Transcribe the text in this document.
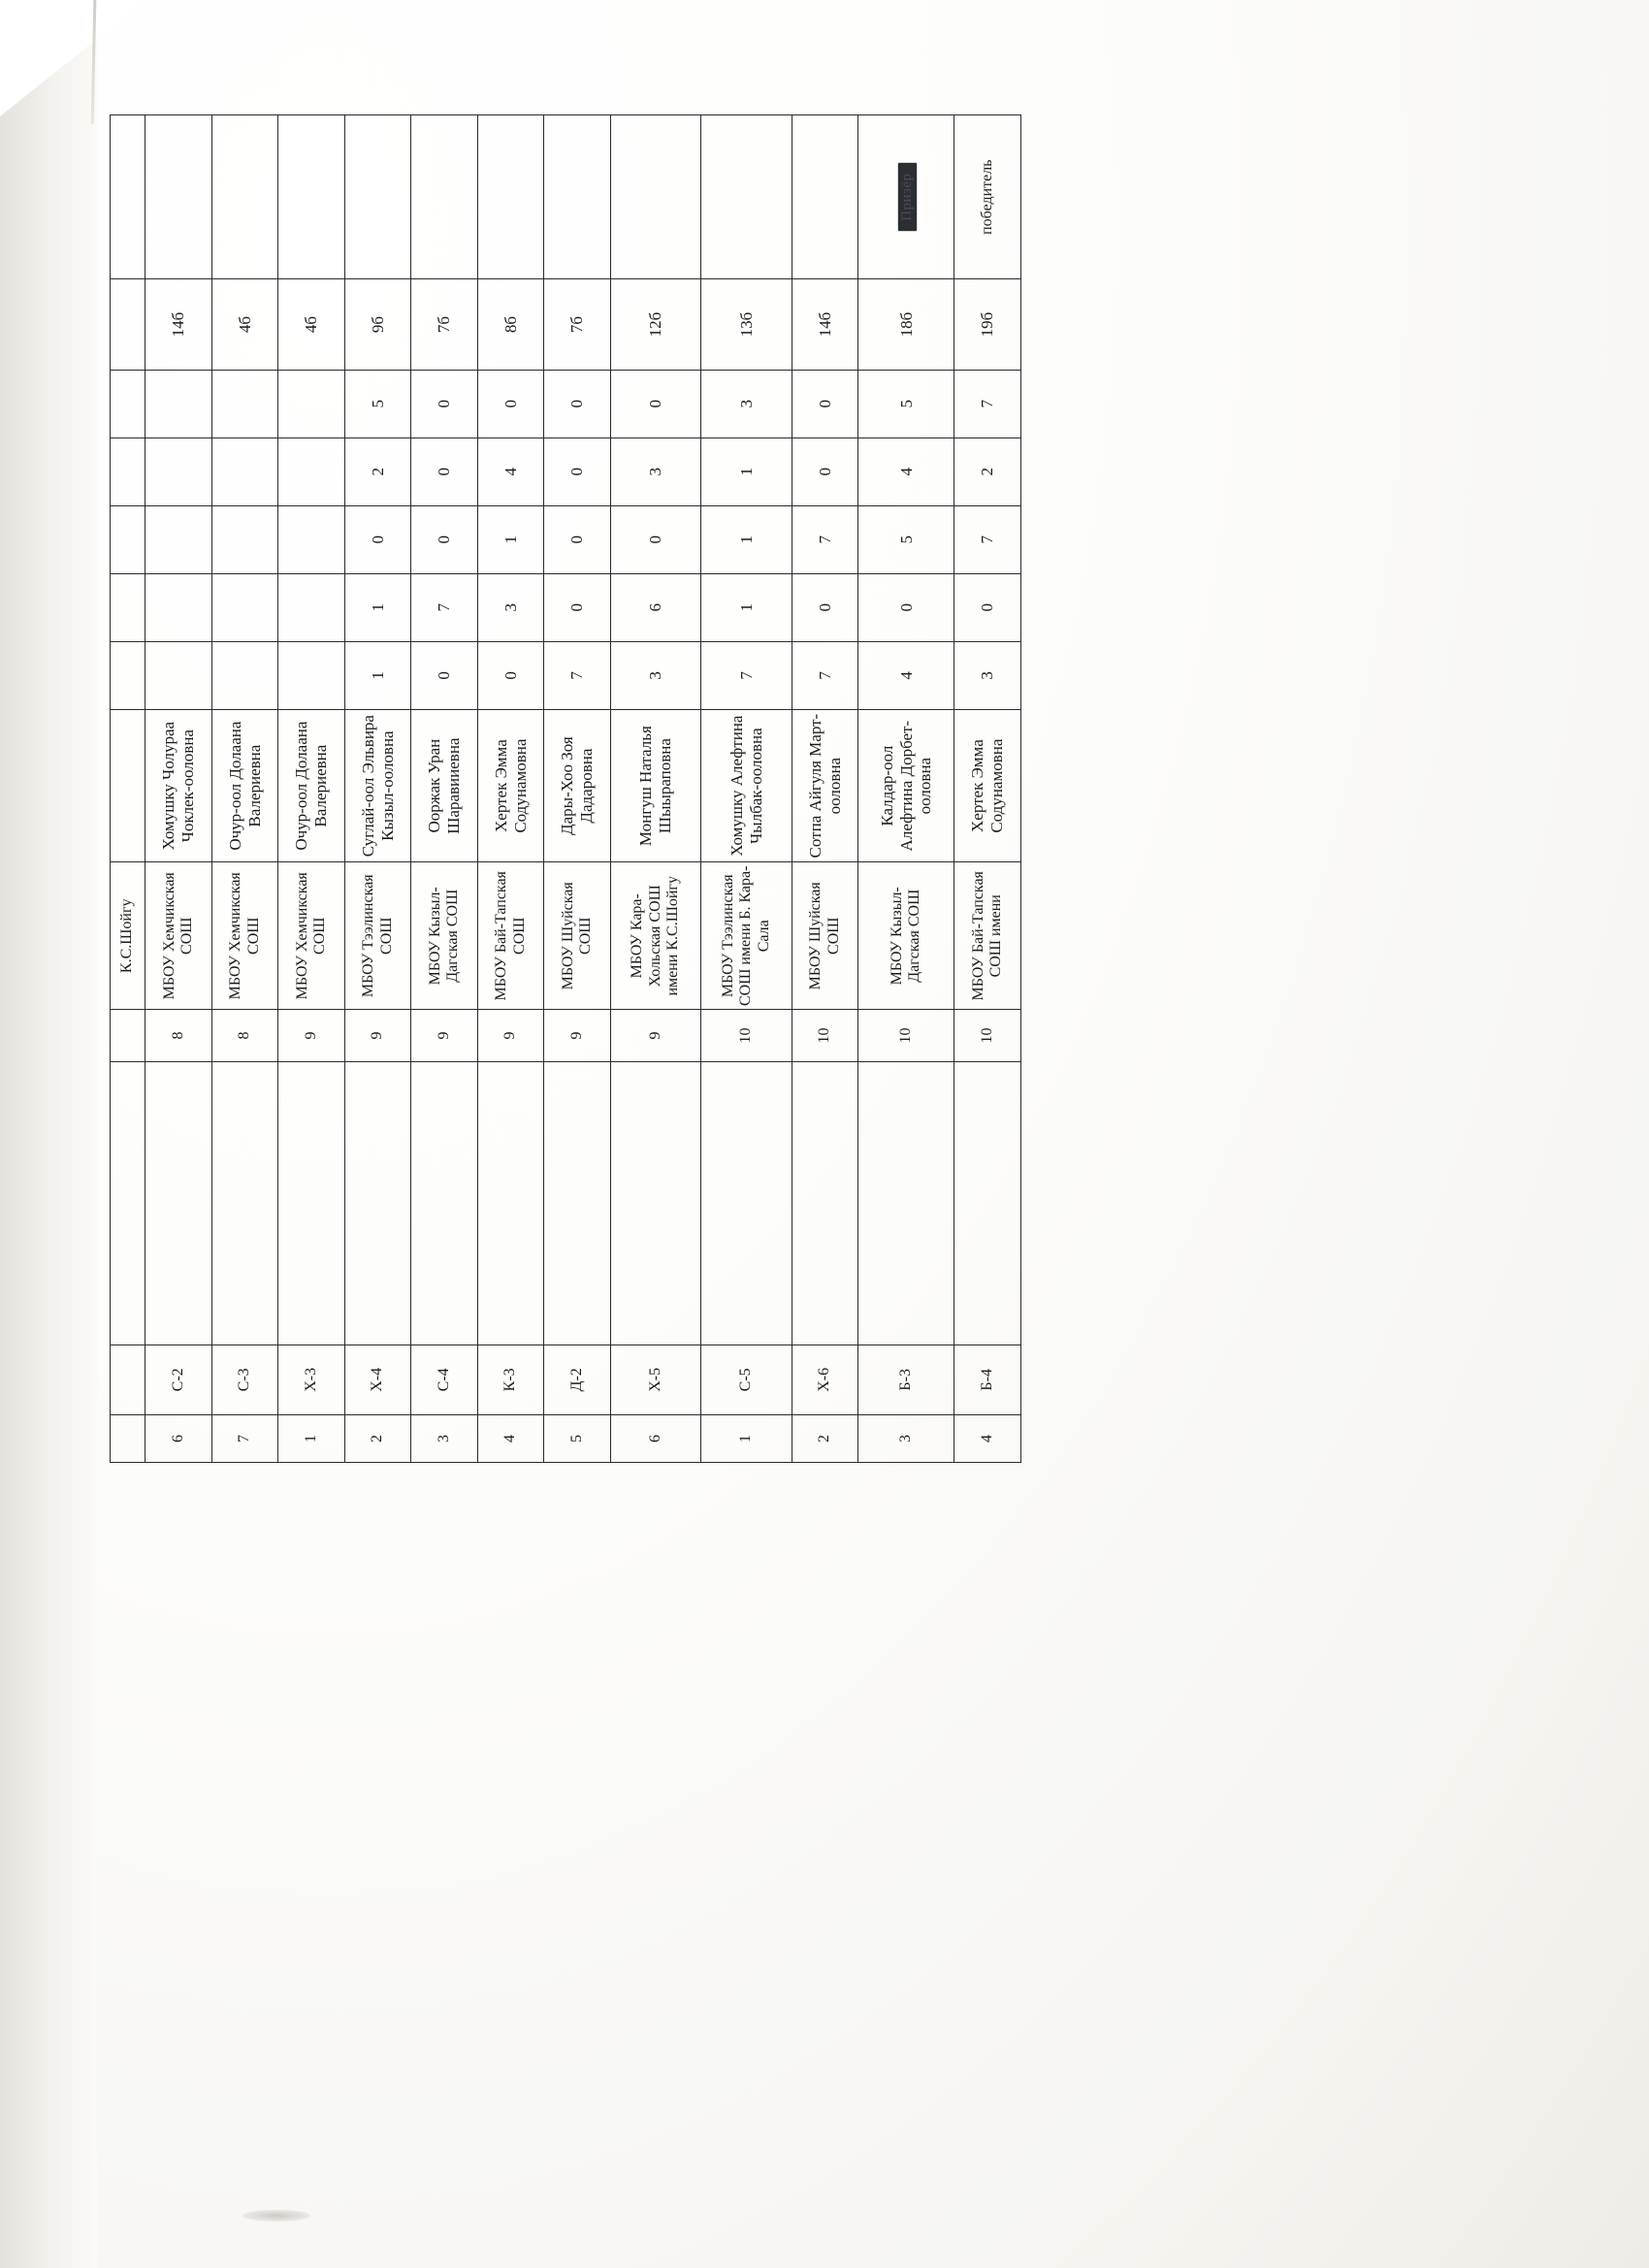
				К.С.Шойгу								
6	С-2		8	МБОУ Хемчикская СОШ	Хомушку Чолураа Чоклек-ооловна						14б	
7	С-3		8	МБОУ Хемчикская СОШ	Очур-оол Долаана Валериевна						4б	
1	Х-3		9	МБОУ Хемчикская СОШ	Очур-оол Долаана Валериевна						4б	
2	Х-4		9	МБОУ Тээлинская СОШ	Суглай-оол Эльвира Кызыл-ооловна	1	1	0	2	5	9б	
3	С-4		9	МБОУ Кызыл-Дагская СОШ	Ооржак Уран Шаравииевна	0	7	0	0	0	7б	
4	К-3		9	МБОУ Бай-Тапская СОШ	Хертек Эмма Содунамовна	0	3	1	4	0	8б	
5	Д-2		9	МБОУ Шуйская СОШ	Дары-Хоо Зоя Дадаровна	7	0	0	0	0	7б	
6	Х-5		9	МБОУ Кара-Хольская СОШ имени К.С.Шойгу	Монгуш Наталья Шыыраповна	3	6	0	3	0	12б	
1	С-5		10	МБОУ Тээлинская СОШ имени Б. Кара-Сала	Хомушку Алефтина Чылбак-ооловна	7	1	1	1	3	13б	
2	Х-6		10	МБОУ Шуйская СОШ	Сотпа Айгуля Март-ооловна	7	0	7	0	0	14б	
3	Б-3		10	МБОУ Кызыл-Дагская СОШ	Калдар-оол Алефтина Дорбет-ооловна	4	0	5	4	5	18б	Призёр
4	Б-4		10	МБОУ Бай-Тапская СОШ имени	Хертек Эмма Содунамовна	3	0	7	2	7	19б	победитель
